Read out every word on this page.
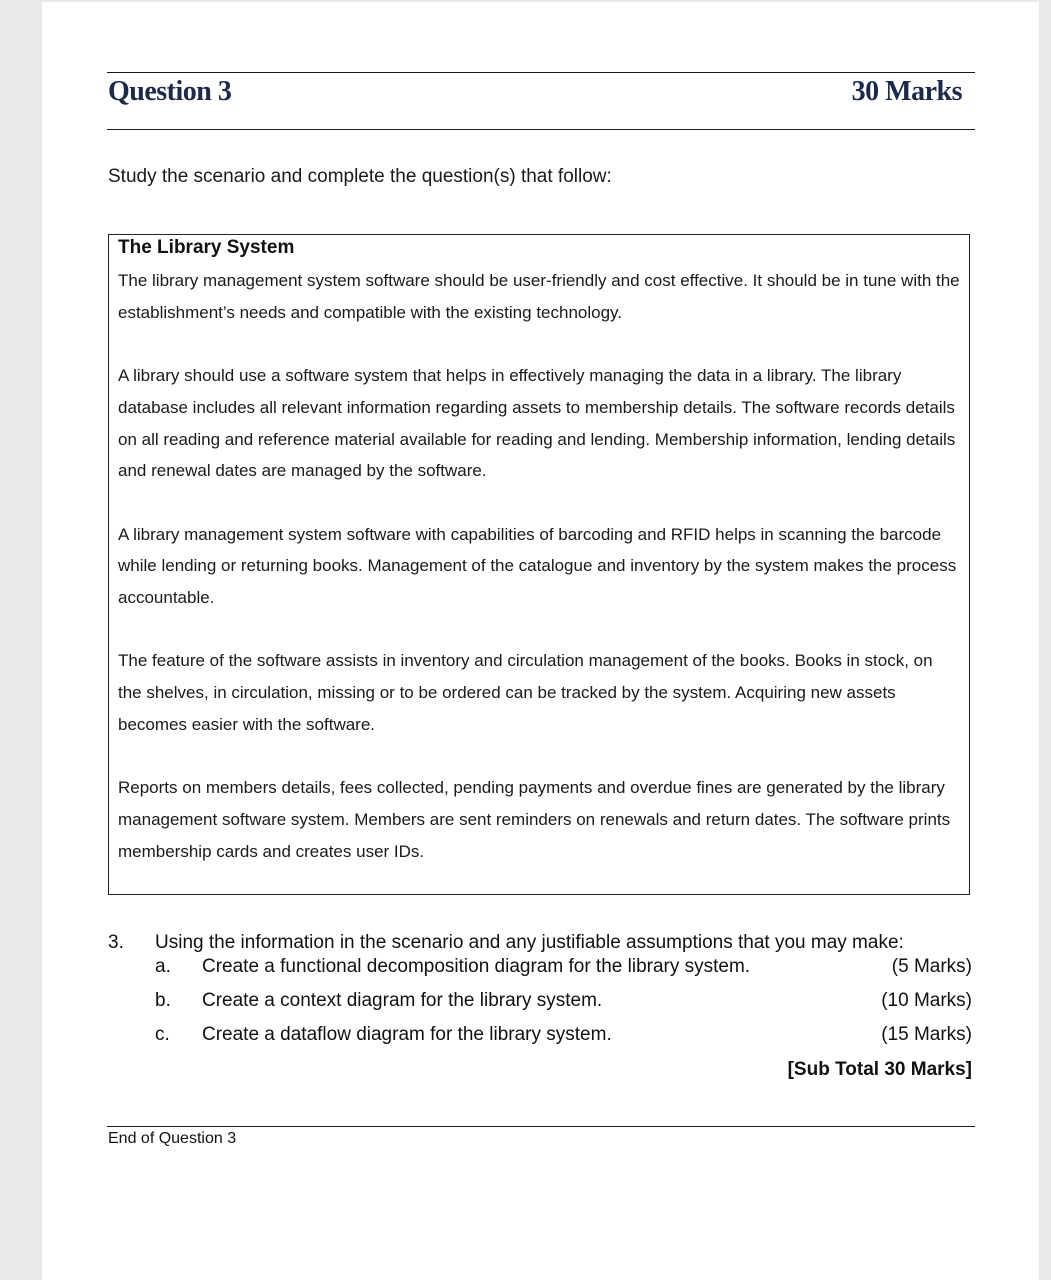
Question 3	30 Marks
Study the scenario and complete the question(s) that follow:
The Library System

The library management system software should be user-friendly and cost effective. It should be in tune with the establishment’s needs and compatible with the existing technology.

A library should use a software system that helps in effectively managing the data in a library. The library database includes all relevant information regarding assets to membership details. The software records details on all reading and reference material available for reading and lending. Membership information, lending details and renewal dates are managed by the software.

A library management system software with capabilities of barcoding and RFID helps in scanning the barcode while lending or returning books. Management of the catalogue and inventory by the system makes the process accountable.

The feature of the software assists in inventory and circulation management of the books. Books in stock, on the shelves, in circulation, missing or to be ordered can be tracked by the system. Acquiring new assets becomes easier with the software.

Reports on members details, fees collected, pending payments and overdue fines are generated by the library management software system. Members are sent reminders on renewals and return dates. The software prints membership cards and creates user IDs.

3. Using the information in the scenario and any justifiable assumptions that you may make:
a. Create a functional decomposition diagram for the library system.	(5 Marks)
b. Create a context diagram for the library system.	(10 Marks)
c. Create a dataflow diagram for the library system.	(15 Marks)
[Sub Total 30 Marks]
End of Question 3
